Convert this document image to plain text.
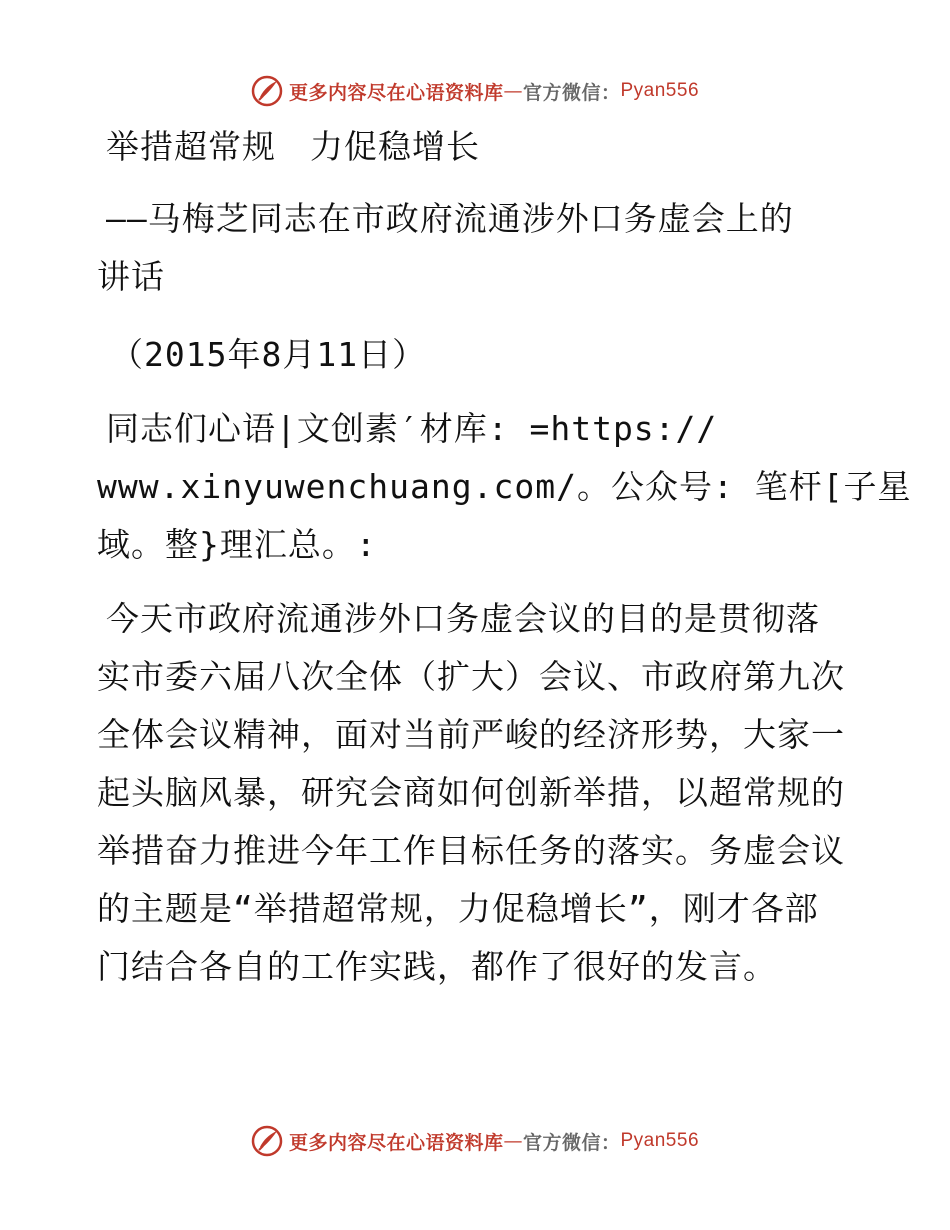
更多内容尽在心语资料库 — 官方微信： Pyan556
举措超常规　力促稳增长
——马梅芝同志在市政府流通涉外口务虚会上的
讲话
（2015年8月11日）
同志们心语|文创素′材库: =https://
www.xinyuwenchuang.com/。公众号: 笔杆[子星
域。整}理汇总。:
今天市政府流通涉外口务虚会议的目的是贯彻落
实市委六届八次全体（扩大）会议、市政府第九次
全体会议精神，面对当前严峻的经济形势，大家一
起头脑风暴，研究会商如何创新举措，以超常规的
举措奋力推进今年工作目标任务的落实。务虚会议
的主题是“举措超常规，力促稳增长”，刚才各部
门结合各自的工作实践，都作了很好的发言。
更多内容尽在心语资料库 — 官方微信： Pyan556
